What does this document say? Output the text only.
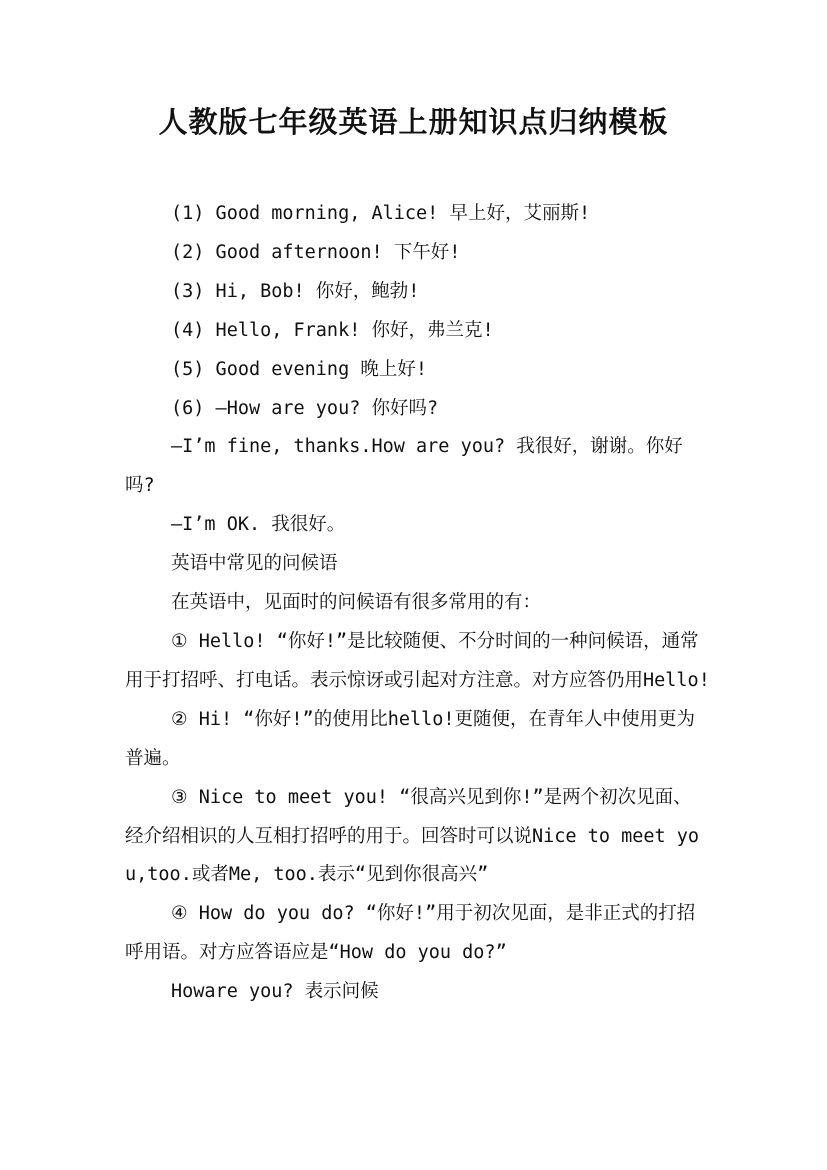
人教版七年级英语上册知识点归纳模板

(1) Good morning, Alice! 早上好，艾丽斯!

(2) Good afternoon! 下午好!

(3) Hi, Bob! 你好，鲍勃!

(4) Hello, Frank! 你好，弗兰克!

(5) Good evening 晚上好!

(6) —How are you? 你好吗?

—I’m fine, thanks.How are you? 我很好，谢谢。你好吗?

—I’m OK. 我很好。

英语中常见的问候语

在英语中，见面时的问候语有很多常用的有：

① Hello! “你好!”是比较随便、不分时间的一种问候语，通常用于打招呼、打电话。表示惊讶或引起对方注意。对方应答仍用Hello!

② Hi! “你好!”的使用比hello!更随便，在青年人中使用更为普遍。

③ Nice to meet you! “很高兴见到你!”是两个初次见面、经介绍相识的人互相打招呼的用于。回答时可以说Nice to meet you,too.或者Me, too.表示“见到你很高兴”

④ How do you do? “你好!”用于初次见面，是非正式的打招呼用语。对方应答语应是“How do you do?”

Howare you? 表示问候
